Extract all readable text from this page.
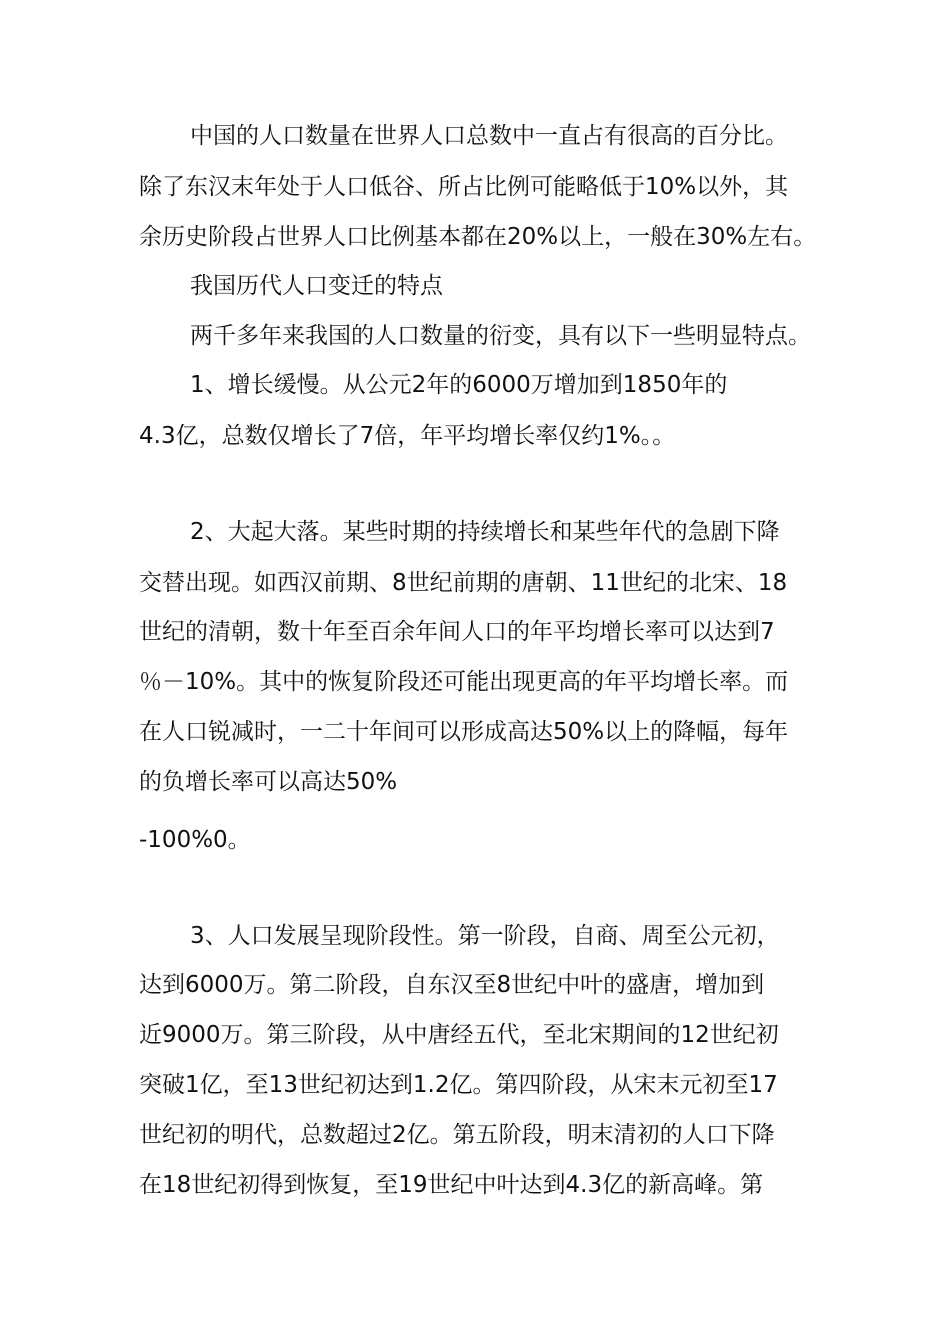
中国的人口数量在世界人口总数中一直占有很高的百分比。

除了东汉末年处于人口低谷、所占比例可能略低于10%以外，其

余历史阶段占世界人口比例基本都在20%以上，一般在30%左右。

我国历代人口变迁的特点

两千多年来我国的人口数量的衍变，具有以下一些明显特点。

1、增长缓慢。从公元2年的6000万增加到1850年的

4.3亿，总数仅增长了7倍，年平均增长率仅约1%。。

2、大起大落。某些时期的持续增长和某些年代的急剧下降

交替出现。如西汉前期、8世纪前期的唐朝、11世纪的北宋、18

世纪的清朝，数十年至百余年间人口的年平均增长率可以达到7

％－10%。其中的恢复阶段还可能出现更高的年平均增长率。而

在人口锐减时，一二十年间可以形成高达50%以上的降幅，每年

的负增长率可以高达50%

-100%0。

3、人口发展呈现阶段性。第一阶段，自商、周至公元初，

达到6000万。第二阶段，自东汉至8世纪中叶的盛唐，增加到

近9000万。第三阶段，从中唐经五代，至北宋期间的12世纪初

突破1亿，至13世纪初达到1.2亿。第四阶段，从宋末元初至17

世纪初的明代，总数超过2亿。第五阶段，明末清初的人口下降

在18世纪初得到恢复，至19世纪中叶达到4.3亿的新高峰。第
